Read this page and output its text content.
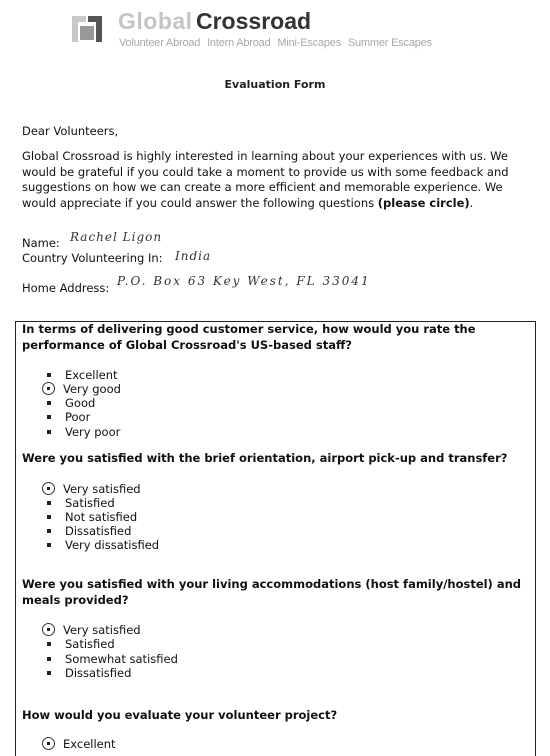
Global Crossroad
Volunteer Abroad Intern Abroad Mini-Escapes Summer Escapes
Evaluation Form
Dear Volunteers,
Global Crossroad is highly interested in learning about your experiences with us. We would be grateful if you could take a moment to provide us with some feedback and suggestions on how we can create a more efficient and memorable experience. We would appreciate if you could answer the following questions (please circle).
Name: Rachel Ligon
Country Volunteering In: India
Home Address: P.O. Box 63 Key West, FL 33041
In terms of delivering good customer service, how would you rate the performance of Global Crossroad's US-based staff?
Excellent
Very good
Good
Poor
Very poor
Were you satisfied with the brief orientation, airport pick-up and transfer?
Very satisfied
Satisfied
Not satisfied
Dissatisfied
Very dissatisfied
Were you satisfied with your living accommodations (host family/hostel) and meals provided?
Very satisfied
Satisfied
Somewhat satisfied
Dissatisfied
How would you evaluate your volunteer project?
Excellent
